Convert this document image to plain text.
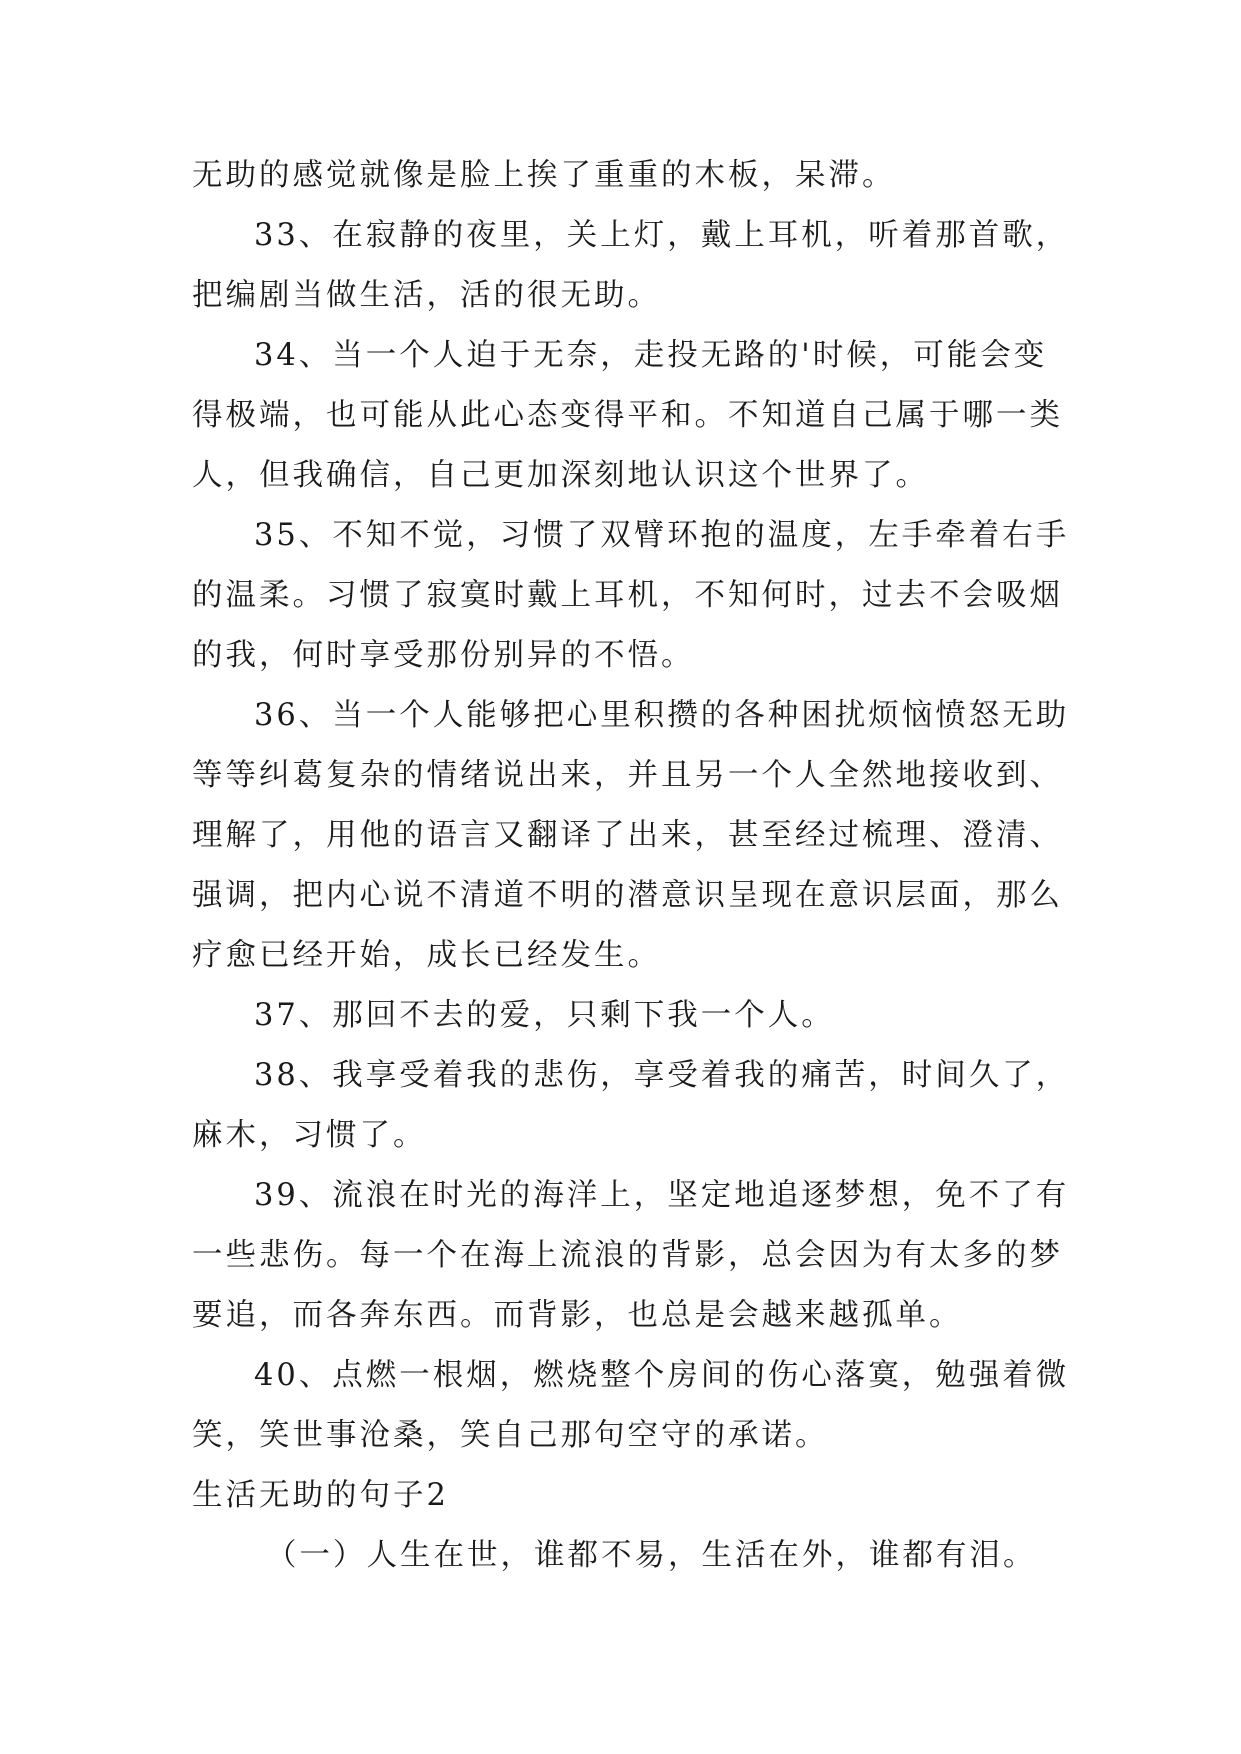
无助的感觉就像是脸上挨了重重的木板，呆滞。
33、在寂静的夜里，关上灯，戴上耳机，听着那首歌，
把编剧当做生活，活的很无助。
34、当一个人迫于无奈，走投无路的'时候，可能会变
得极端，也可能从此心态变得平和。不知道自己属于哪一类
人，但我确信，自己更加深刻地认识这个世界了。
35、不知不觉，习惯了双臂环抱的温度，左手牵着右手
的温柔。习惯了寂寞时戴上耳机，不知何时，过去不会吸烟
的我，何时享受那份别异的不悟。
36、当一个人能够把心里积攒的各种困扰烦恼愤怒无助
等等纠葛复杂的情绪说出来，并且另一个人全然地接收到、
理解了，用他的语言又翻译了出来，甚至经过梳理、澄清、
强调，把内心说不清道不明的潜意识呈现在意识层面，那么
疗愈已经开始，成长已经发生。
37、那回不去的爱，只剩下我一个人。
38、我享受着我的悲伤，享受着我的痛苦，时间久了，
麻木，习惯了。
39、流浪在时光的海洋上，坚定地追逐梦想，免不了有
一些悲伤。每一个在海上流浪的背影，总会因为有太多的梦
要追，而各奔东西。而背影，也总是会越来越孤单。
40、点燃一根烟，燃烧整个房间的伤心落寞，勉强着微
笑，笑世事沧桑，笑自己那句空守的承诺。
生活无助的句子2
（一）人生在世，谁都不易，生活在外，谁都有泪。
